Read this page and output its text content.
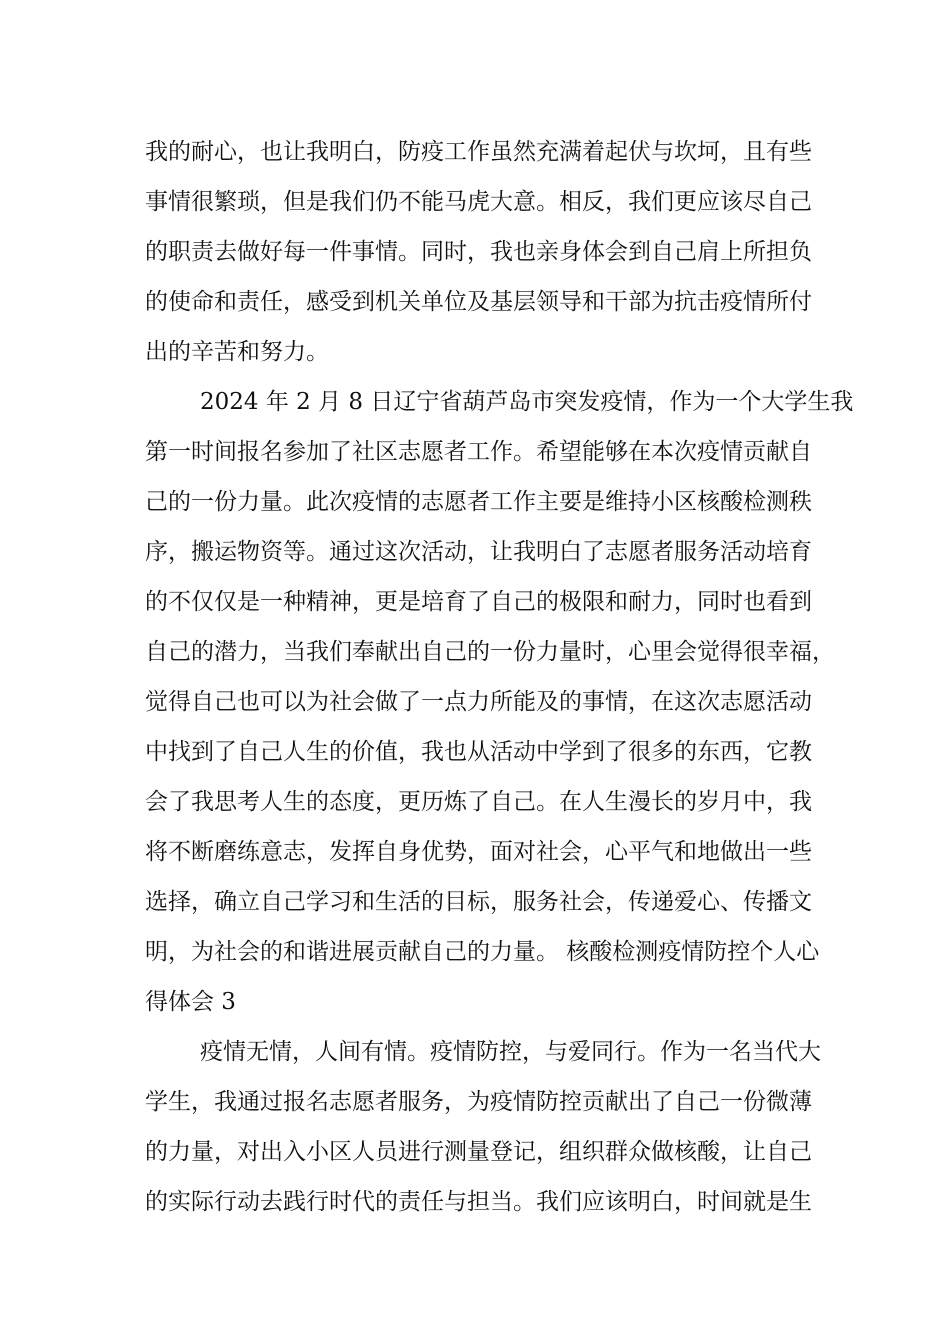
我的耐心，也让我明白，防疫工作虽然充满着起伏与坎坷，且有些
事情很繁琐，但是我们仍不能马虎大意。相反，我们更应该尽自己
的职责去做好每一件事情。同时，我也亲身体会到自己肩上所担负
的使命和责任，感受到机关单位及基层领导和干部为抗击疫情所付
出的辛苦和努力。
2024 年 2 月 8 日辽宁省葫芦岛市突发疫情，作为一个大学生我
第一时间报名参加了社区志愿者工作。希望能够在本次疫情贡献自
己的一份力量。此次疫情的志愿者工作主要是维持小区核酸检测秩
序，搬运物资等。通过这次活动，让我明白了志愿者服务活动培育
的不仅仅是一种精神，更是培育了自己的极限和耐力，同时也看到
自己的潜力，当我们奉献出自己的一份力量时，心里会觉得很幸福，
觉得自己也可以为社会做了一点力所能及的事情，在这次志愿活动
中找到了自己人生的价值，我也从活动中学到了很多的东西，它教
会了我思考人生的态度，更历炼了自己。在人生漫长的岁月中，我
将不断磨练意志，发挥自身优势，面对社会，心平气和地做出一些
选择，确立自己学习和生活的目标，服务社会，传递爱心、传播文
明，为社会的和谐进展贡献自己的力量。 核酸检测疫情防控个人心
得体会 3
疫情无情，人间有情。疫情防控，与爱同行。作为一名当代大
学生，我通过报名志愿者服务，为疫情防控贡献出了自己一份微薄
的力量，对出入小区人员进行测量登记，组织群众做核酸，让自己
的实际行动去践行时代的责任与担当。我们应该明白，时间就是生
